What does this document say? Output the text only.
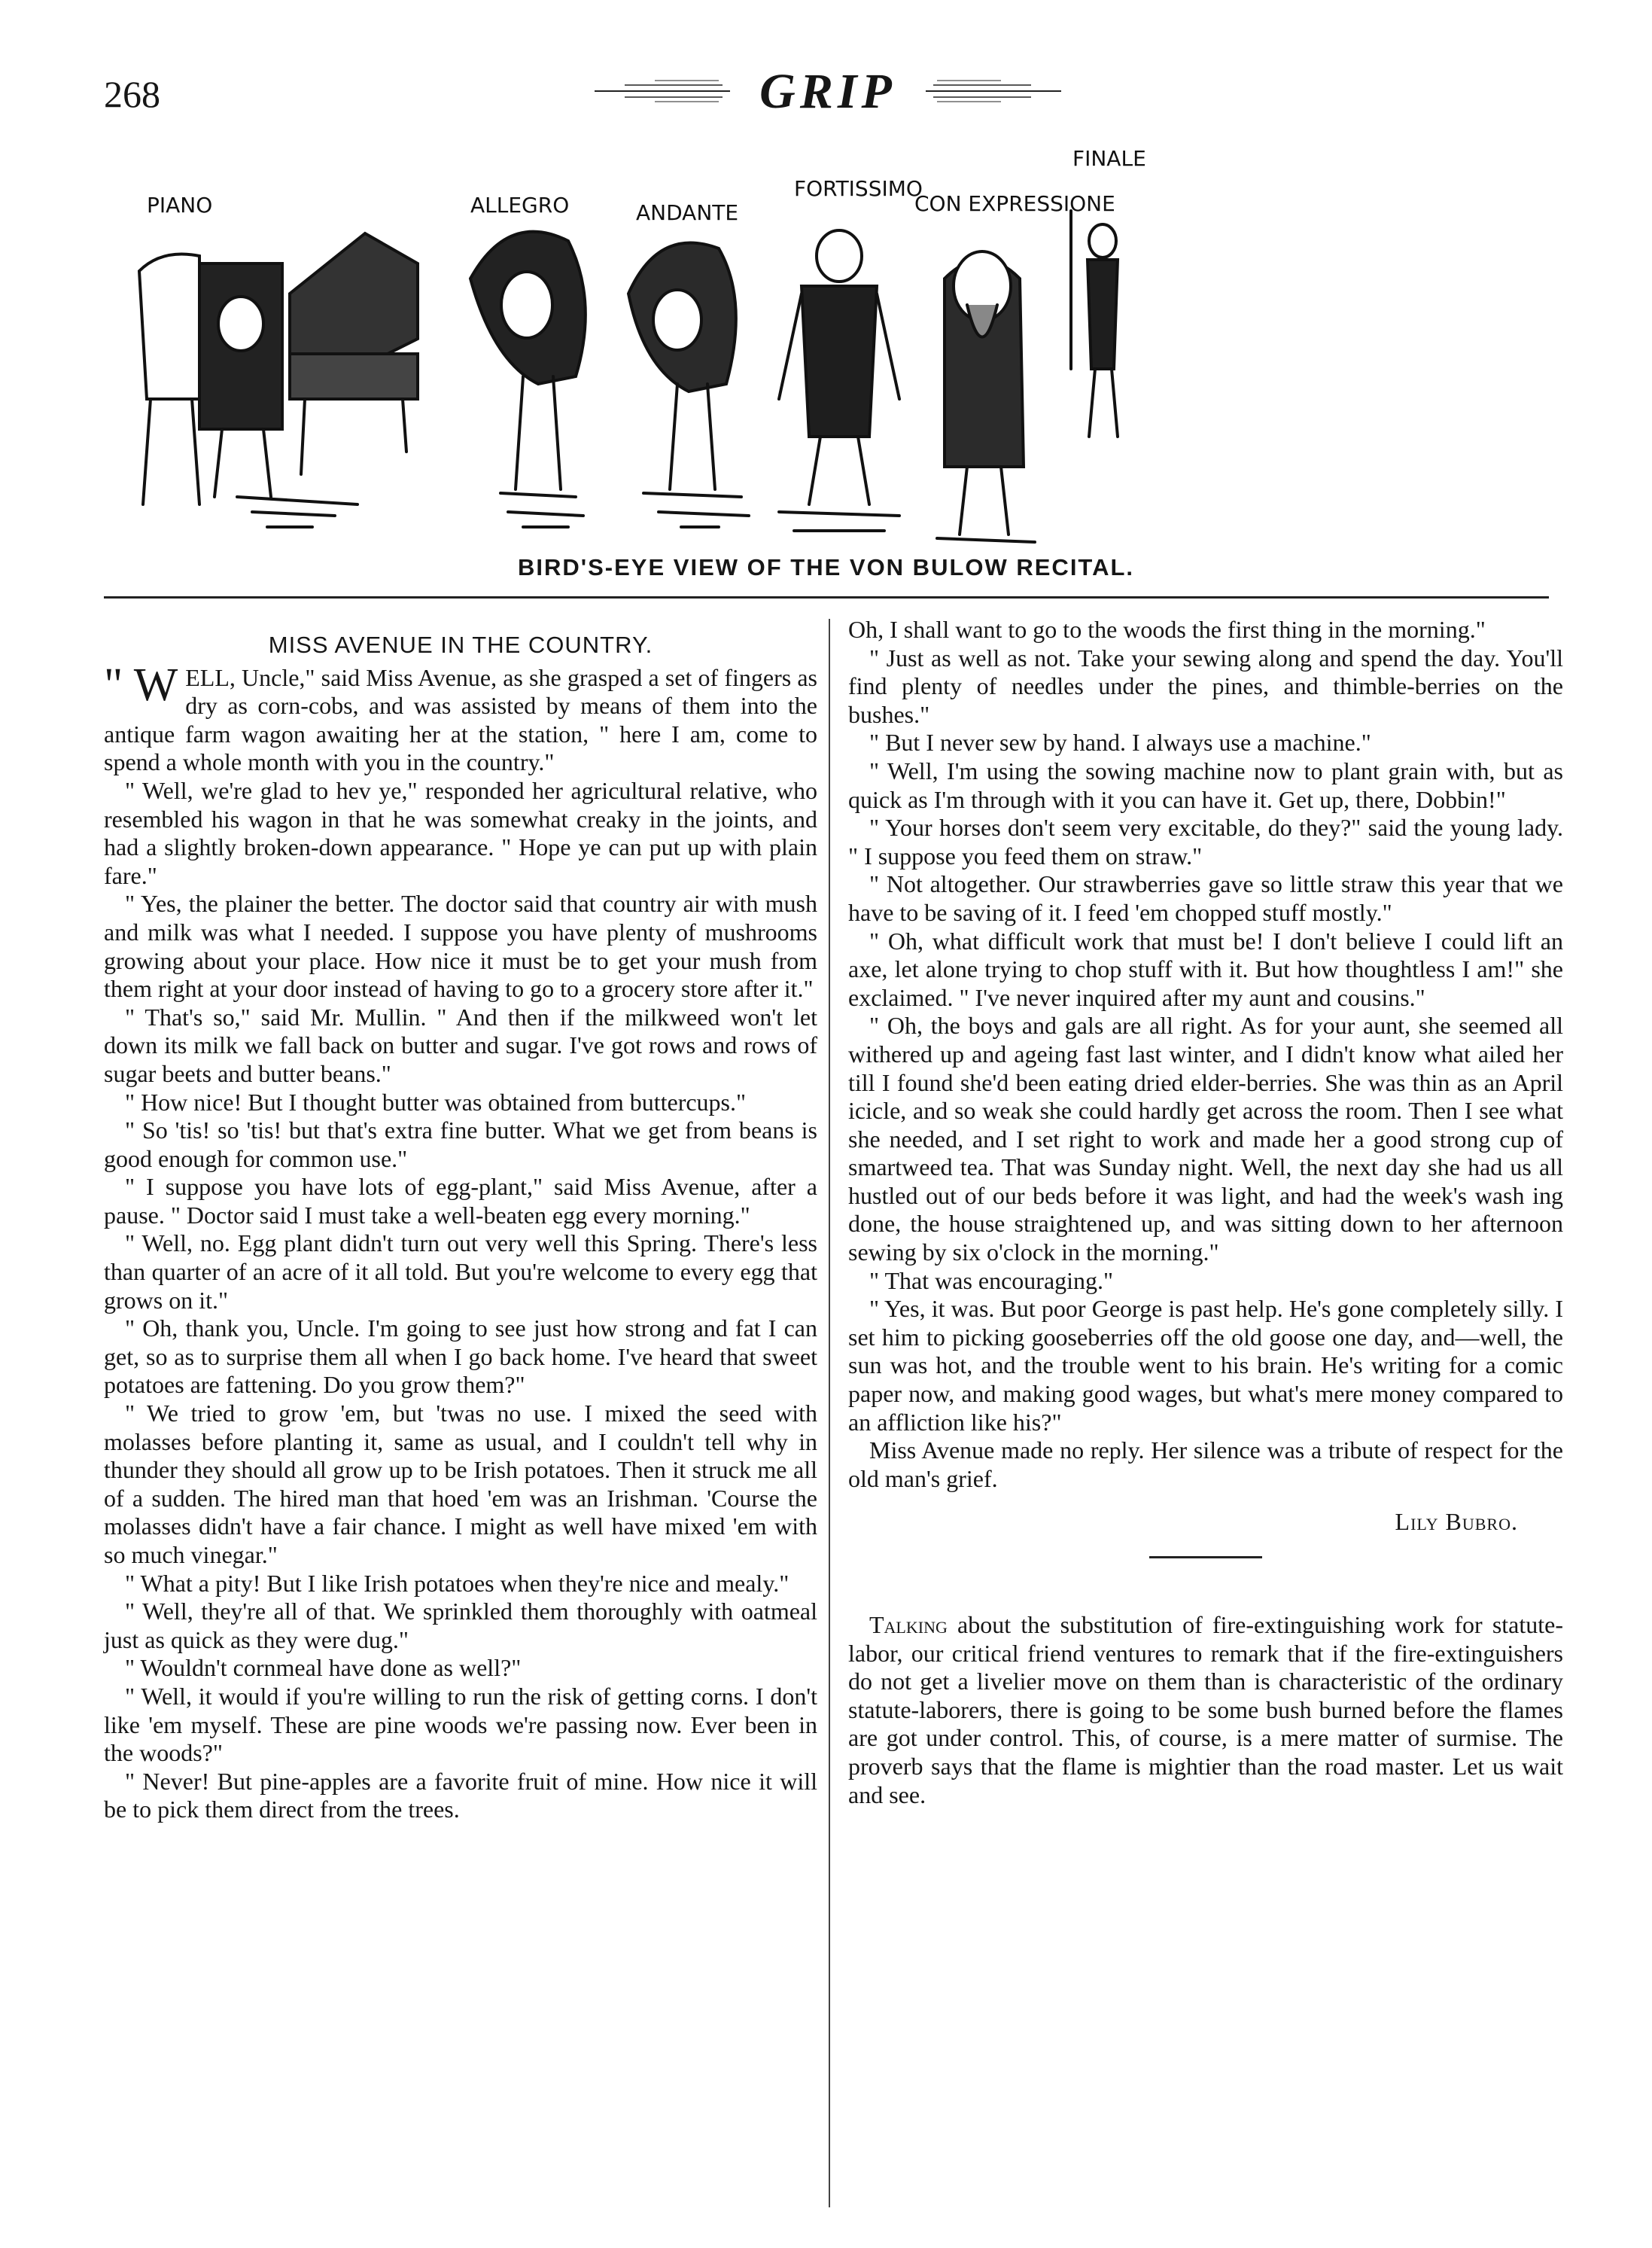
268	GRIP
PIANO	ALLEGRO	ANDANTE
FORTISSIMO
CON EXPRESSIONE
FINALE
BIRD'S-EYE VIEW OF THE VON BULOW RECITAL.
MISS AVENUE IN THE COUNTRY.

" W ELL, Uncle," said Miss Avenue, as she grasped a set of fingers as dry as corn-cobs, and was assisted by means of them into the antique farm wagon awaiting her at the station, " here I am, come to spend a whole month with you in the country."

" Well, we're glad to hev ye," responded her agricultural relative, who resembled his wagon in that he was somewhat creaky in the joints, and had a slightly broken-down appearance. " Hope ye can put up with plain fare."

" Yes, the plainer the better. The doctor said that country air with mush and milk was what I needed. I suppose you have plenty of mushrooms growing about your place. How nice it must be to get your mush from them right at your door instead of having to go to a grocery store after it."

" That's so," said Mr. Mullin. " And then if the milkweed won't let down its milk we fall back on butter and sugar. I've got rows and rows of sugar beets and butter beans."

" How nice! But I thought butter was obtained from buttercups."

" So 'tis! so 'tis! but that's extra fine butter. What we get from beans is good enough for common use."

" I suppose you have lots of egg-plant," said Miss Avenue, after a pause. " Doctor said I must take a well-beaten egg every morning."

" Well, no. Egg plant didn't turn out very well this Spring. There's less than quarter of an acre of it all told. But you're welcome to every egg that grows on it."

" Oh, thank you, Uncle. I'm going to see just how strong and fat I can get, so as to surprise them all when I go back home. I've heard that sweet potatoes are fattening. Do you grow them?"

" We tried to grow 'em, but 'twas no use. I mixed the seed with molasses before planting it, same as usual, and I couldn't tell why in thunder they should all grow up to be Irish potatoes. Then it struck me all of a sudden. The hired man that hoed 'em was an Irishman. 'Course the molasses didn't have a fair chance. I might as well have mixed 'em with so much vinegar."

" What a pity! But I like Irish potatoes when they're nice and mealy."

" Well, they're all of that. We sprinkled them thoroughly with oatmeal just as quick as they were dug."

" Wouldn't cornmeal have done as well?"

" Well, it would if you're willing to run the risk of getting corns. I don't like 'em myself. These are pine woods we're passing now. Ever been in the woods?"

" Never! But pine-apples are a favorite fruit of mine. How nice it will be to pick them direct from the trees.

Oh, I shall want to go to the woods the first thing in the morning."

" Just as well as not. Take your sewing along and spend the day. You'll find plenty of needles under the pines, and thimble-berries on the bushes."

" But I never sew by hand. I always use a machine."

" Well, I'm using the sowing machine now to plant grain with, but as quick as I'm through with it you can have it. Get up, there, Dobbin!"

" Your horses don't seem very excitable, do they?" said the young lady. " I suppose you feed them on straw."

" Not altogether. Our strawberries gave so little straw this year that we have to be saving of it. I feed 'em chopped stuff mostly."

" Oh, what difficult work that must be! I don't believe I could lift an axe, let alone trying to chop stuff with it. But how thoughtless I am!" she exclaimed. " I've never inquired after my aunt and cousins."

" Oh, the boys and gals are all right. As for your aunt, she seemed all withered up and ageing fast last winter, and I didn't know what ailed her till I found she'd been eating dried elder-berries. She was thin as an April icicle, and so weak she could hardly get across the room. Then I see what she needed, and I set right to work and made her a good strong cup of smartweed tea. That was Sunday night. Well, the next day she had us all hustled out of our beds before it was light, and had the week's wash ing done, the house straightened up, and was sitting down to her afternoon sewing by six o'clock in the morning."

" That was encouraging."

" Yes, it was. But poor George is past help. He's gone completely silly. I set him to picking gooseberries off the old goose one day, and—well, the sun was hot, and the trouble went to his brain. He's writing for a comic paper now, and making good wages, but what's mere money compared to an affliction like his?"

Miss Avenue made no reply. Her silence was a tribute of respect for the old man's grief.

Lily Bubro.

Talking about the substitution of fire-extinguishing work for statute-labor, our critical friend ventures to remark that if the fire-extinguishers do not get a livelier move on them than is characteristic of the ordinary statute-laborers, there is going to be some bush burned before the flames are got under control. This, of course, is a mere matter of surmise. The proverb says that the flame is mightier than the road master. Let us wait and see.
